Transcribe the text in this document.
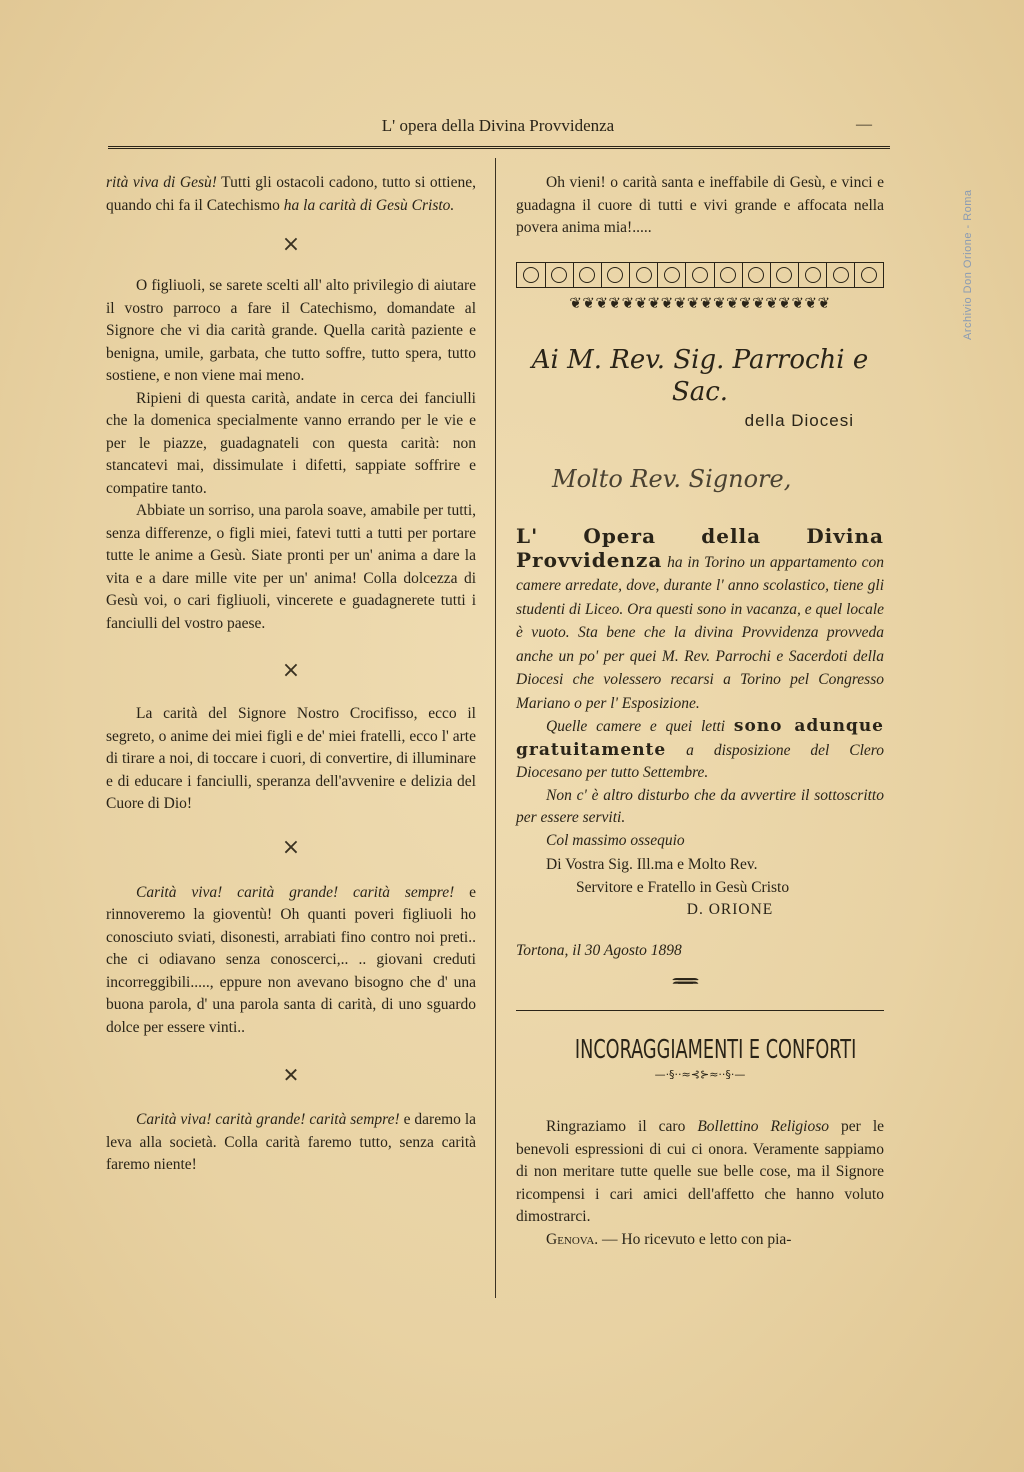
L' opera della Divina Provvidenza	—
Archivio Don Orione - Roma

rità viva di Gesù! Tutti gli ostacoli cadono, tutto si ottiene, quando chi fa il Catechismo ha la carità di Gesù Cristo.

×

O figliuoli, se sarete scelti all' alto privilegio di aiutare il vostro parroco a fare il Catechismo, domandate al Signore che vi dia carità grande. Quella carità paziente e benigna, umile, garbata, che tutto soffre, tutto spera, tutto sostiene, e non viene mai meno.

Ripieni di questa carità, andate in cerca dei fanciulli che la domenica specialmente vanno errando per le vie e per le piazze, guadagnateli con questa carità: non stancatevi mai, dissimulate i difetti, sappiate soffrire e compatire tanto.

Abbiate un sorriso, una parola soave, amabile per tutti, senza differenze, o figli miei, fatevi tutti a tutti per portare tutte le anime a Gesù. Siate pronti per un' anima a dare la vita e a dare mille vite per un' anima! Colla dolcezza di Gesù voi, o cari figliuoli, vincerete e guadagnerete tutti i fanciulli del vostro paese.

×

La carità del Signore Nostro Crocifisso, ecco il segreto, o anime dei miei figli e de' miei fratelli, ecco l' arte di tirare a noi, di toccare i cuori, di convertire, di illuminare e di educare i fanciulli, speranza dell'avvenire e delizia del Cuore di Dio!

×

Carità viva! carità grande! carità sempre! e rinnoveremo la gioventù! Oh quanti poveri figliuoli ho conosciuto sviati, disonesti, arrabiati fino contro noi preti.. che ci odiavano senza conoscerci,.. .. giovani creduti incorreggibili....., eppure non avevano bisogno che d' una buona parola, d' una parola santa di carità, di uno sguardo dolce per essere vinti..

✕

Carità viva! carità grande! carità sempre! e daremo la leva alla società. Colla carità faremo tutto, senza carità faremo niente!

Oh vieni! o carità santa e ineffabile di Gesù, e vinci e guadagna il cuore di tutti e vivi grande e affocata nella povera anima mia!.....

❦❦❦❦❦❦❦❦❦❦❦❦❦❦❦❦❦❦❦❦
Ai M. Rev. Sig. Parrochi e Sac.
della Diocesi
Molto Rev. Signore,

L' Opera della Divina Provvidenza ha in Torino un appartamento con camere arredate, dove, durante l' anno scolastico, tiene gli studenti di Liceo. Ora questi sono in vacanza, e quel locale è vuoto. Sta bene che la divina Provvidenza provveda anche un po' per quei M. Rev. Parrochi e Sacerdoti della Diocesi che volessero recarsi a Torino pel Congresso Mariano o per l' Esposizione.

Quelle camere e quei letti sono adunque gratuitamente a disposizione del Clero Diocesano per tutto Settembre.

Non c' è altro disturbo che da avvertire il sottoscritto per essere serviti.

Col massimo ossequio

Di Vostra Sig. Ill.ma e Molto Rev.
Servitore e Fratello in Gesù Cristo
D. ORIONE

Tortona, il 30 Agosto 1898

INCORAGGIAMENTI E CONFORTI
—·§··≈⊰⊱≈··§·—

Ringraziamo il caro Bollettino Religioso per le benevoli espressioni di cui ci onora. Veramente sappiamo di non meritare tutte quelle sue belle cose, ma il Signore ricompensi i cari amici dell'affetto che hanno voluto dimostrarci.

Genova. — Ho ricevuto e letto con pia-
